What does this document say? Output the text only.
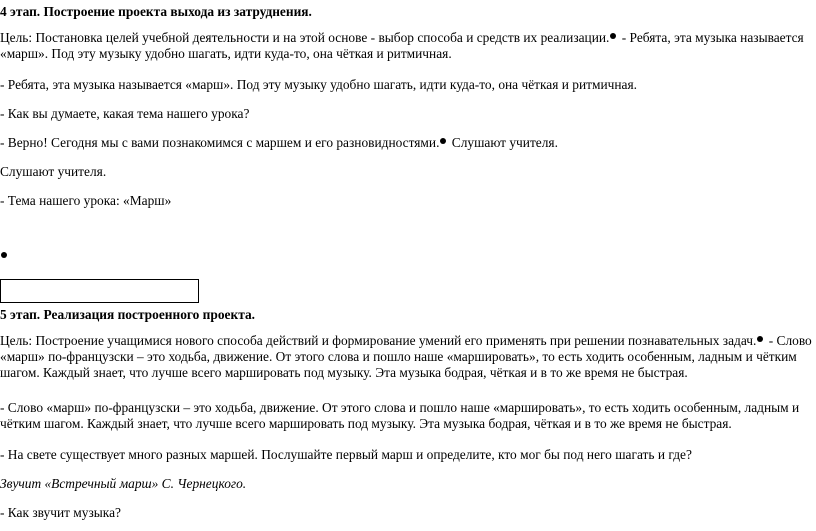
4 этап. Построение проекта выхода из затруднения.

Цель: Постановка целей учебной деятельности и на этой основе - выбор способа и средств их реализации. - Ребята, эта музыка называется «марш». Под эту музыку удобно шагать, идти куда-то, она чёткая и ритмичная.

- Ребята, эта музыка называется «марш». Под эту музыку удобно шагать, идти куда-то, она чёткая и ритмичная.

- Как вы думаете, какая тема нашего урока?

- Верно! Сегодня мы с вами познакомимся с маршем и его разновидностями. Слушают учителя.

Слушают учителя.

- Тема нашего урока: «Марш»

5 этап. Реализация построенного проекта.

Цель: Построение учащимися нового способа действий и формирование умений его применять при решении познавательных задач. - Слово «марш» по-французски – это ходьба, движение. От этого слова и пошло наше «маршировать», то есть ходить особенным, ладным и чётким шагом. Каждый знает, что лучше всего маршировать под музыку. Эта музыка бодрая, чёткая и в то же время не быстрая.

- Слово «марш» по-французски – это ходьба, движение. От этого слова и пошло наше «маршировать», то есть ходить особенным, ладным и чётким шагом. Каждый знает, что лучше всего маршировать под музыку. Эта музыка бодрая, чёткая и в то же время не быстрая.

- На свете существует много разных маршей. Послушайте первый марш и определите, кто мог бы под него шагать и где?

Звучит «Встречный марш» С. Чернецкого.

- Как звучит музыка?
